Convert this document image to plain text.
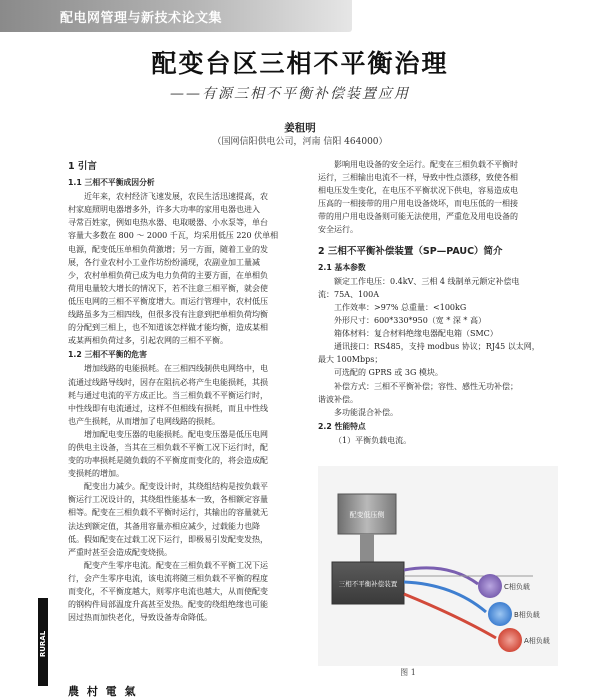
配电网管理与新技术论文集
配变台区三相不平衡治理
——有源三相不平衡补偿装置应用
姜租明
（国网信阳供电公司，河南 信阳 464000）
1 引言
1.1 三相不平衡成因分析

近年来，农村经济飞速发展，农民生活迅速提高，农

村家庭照明电器增多外，许多大功率的家用电器也进入

寻常百姓家，例如电热水器、电取暖器、小水泵等，单台

容量大多数在 800 ～ 2000 千瓦，均采用低压 220 伏单相

电源，配变低压单相负荷激增；另一方面，随着工业的发

展，各行业农村小工业作坊纷纷涌现，农副业加工量减

少，农村单相负荷已成为电力负荷的主要方面，在单相负

荷用电量较大增长的情况下，若不注意三相平衡，就会使

低压电网的三相不平衡度增大。而运行管理中，农村低压

线路虽多为三相四线，但很多没有注意到把单相负荷均衡

的分配到三相上，也不知道该怎样做才能均衡，造成某相

或某两相负荷过多，引起农网的三相不平衡。

1.2 三相不平衡的危害

增加线路的电能损耗。在三相四线制供电网络中，电

流通过线路导线时，因存在阻抗必将产生电能损耗，其损

耗与通过电流的平方成正比。当三相负载不平衡运行时，

中性线即有电流通过，这样不但相线有损耗，而且中性线

也产生损耗，从而增加了电网线路的损耗。

增加配电变压器的电能损耗。配电变压器是低压电网

的供电主设备，当其在三相负载不平衡工况下运行时，配

变的功率损耗是随负载的不平衡度而变化的，将会造成配

变损耗的增加。

配变出力减少。配变设计时，其绕组结构是按负载平

衡运行工况设计的，其绕组性能基本一致，各相额定容量

相等。配变在三相负载不平衡时运行，其输出的容量就无

法达到额定值，其备用容量亦相应减少，过载能力也降

低。假如配变在过载工况下运行，即极易引发配变发热，

严重时甚至会造成配变烧损。

配变产生零序电流。配变在三相负载不平衡工况下运

行，会产生零序电流，该电流将随三相负载不平衡的程度

而变化，不平衡度越大，则零序电流也越大，从而使配变

的钢构件局部温度升高甚至发热。配变的绕组绝缘也可能

因过热而加快老化，导致设备寿命降低。

影响用电设备的安全运行。配变在三相负载不平衡时

运行，三相输出电流不一样，导致中性点漂移，致使各相

相电压发生变化，在电压不平衡状况下供电，容易造成电

压高的一相接带的用户用电设备烧坏，而电压低的一相接

带的用户用电设备则可能无法使用，严重危及用电设备的

安全运行。

2 三相不平衡补偿装置（SP—PAUC）简介
2.1 基本参数

额定工作电压：0.4kV、三相 4 线制单元额定补偿电

流：75A、100A

工作效率：>97% 总重量：<100kG

外形尺寸：600*330*950（宽 * 深 * 高）

箱体材料：复合材料绝缘电器配电箱（SMC）

通讯接口：RS485，支持 modbus 协议；RJ45 以太网，

最大 100Mbps；

可选配的 GPRS 或 3G 模块。

补偿方式：三相不平衡补偿；容性、感性无功补偿；

谐波补偿。

多功能混合补偿。

2.2 性能特点

（1）平衡负载电流。

配变低压侧
三相不平衡补偿装置	C相负载
B相负载
A相负载
图 1
RURAL ELECTRIFICATION
農 村 電 氣
